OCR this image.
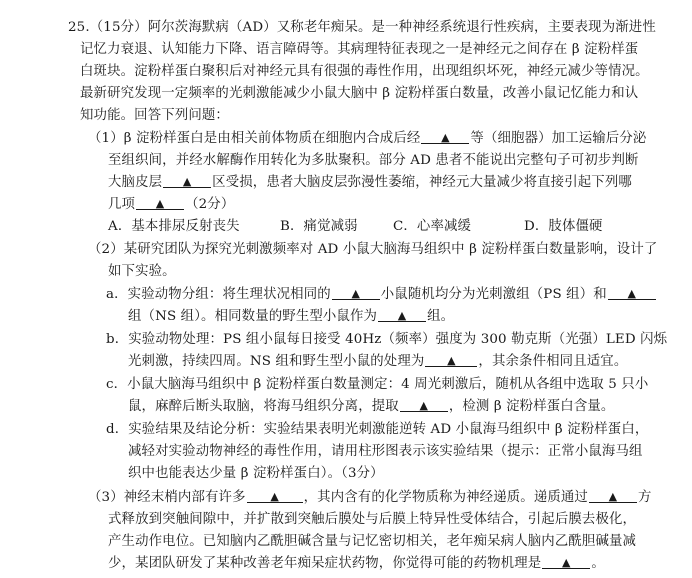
25.（15分）阿尔茨海默病（AD）又称老年痴呆。是一种神经系统退行性疾病，主要表现为渐进性
记忆力衰退、认知能力下降、语言障碍等。其病理特征表现之一是神经元之间存在 β 淀粉样蛋
白斑块。淀粉样蛋白聚积后对神经元具有很强的毒性作用，出现组织坏死，神经元减少等情况。
最新研究发现一定频率的光刺激能减少小鼠大脑中 β 淀粉样蛋白数量，改善小鼠记忆能力和认
知功能。回答下列问题：
（1）β 淀粉样蛋白是由相关前体物质在细胞内合成后经 ▲ 等（细胞器）加工运输后分泌
至组织间，并经水解酶作用转化为多肽聚积。部分 AD 患者不能说出完整句子可初步判断
大脑皮层 ▲ 区受损，患者大脑皮层弥漫性萎缩，神经元大量减少将直接引起下列哪
几项 ▲ （2分）
A．基本排尿反射丧失	B．痛觉减弱	C．心率减缓	D．肢体僵硬
（2）某研究团队为探究光刺激频率对 AD 小鼠大脑海马组织中 β 淀粉样蛋白数量影响，设计了
如下实验。
a．实验动物分组：将生理状况相同的 ▲ 小鼠随机均分为光刺激组（PS 组）和 ▲
组（NS 组）。相同数量的野生型小鼠作为 ▲ 组。
b．实验动物处理：PS 组小鼠每日接受 40Hz（频率）强度为 300 勒克斯（光强）LED 闪烁
光刺激，持续四周。NS 组和野生型小鼠的处理为 ▲ ，其余条件相同且适宜。
c．小鼠大脑海马组织中 β 淀粉样蛋白数量测定：4 周光刺激后，随机从各组中选取 5 只小
鼠，麻醉后断头取脑，将海马组织分离，提取 ▲ ，检测 β 淀粉样蛋白含量。
d．实验结果及结论分析：实验结果表明光刺激能逆转 AD 小鼠海马组织中 β 淀粉样蛋白，
减轻对实验动物神经的毒性作用，请用柱形图表示该实验结果（提示：正常小鼠海马组
织中也能表达少量 β 淀粉样蛋白）。（3分）
（3）神经末梢内部有许多 ▲ ，其内含有的化学物质称为神经递质。递质通过 ▲ 方
式释放到突触间隙中，并扩散到突触后膜处与后膜上特异性受体结合，引起后膜去极化，
产生动作电位。已知脑内乙酰胆碱含量与记忆密切相关，老年痴呆病人脑内乙酰胆碱量减
少，某团队研发了某种改善老年痴呆症状药物，你觉得可能的药物机理是 ▲ 。
